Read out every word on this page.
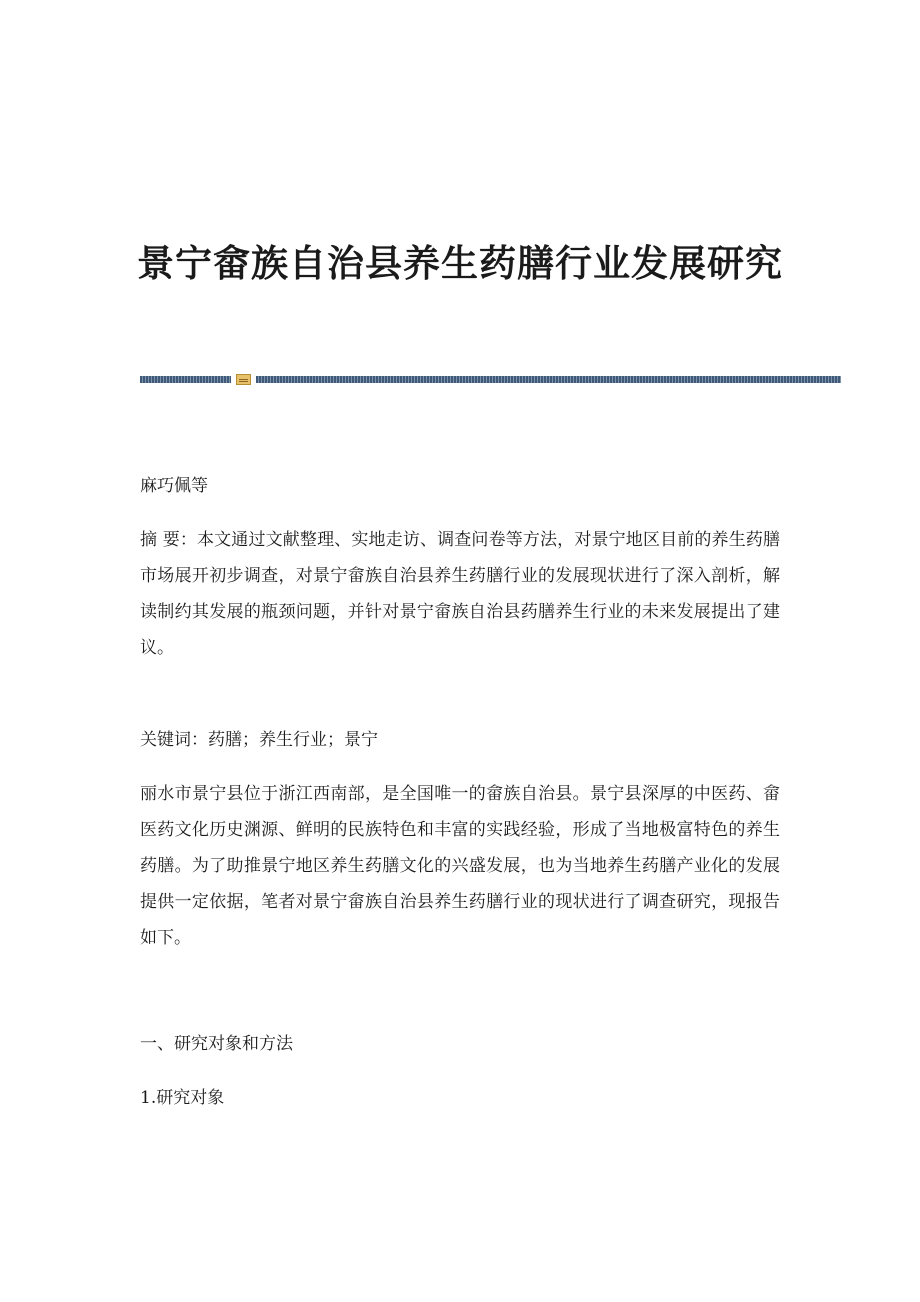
景宁畲族自治县养生药膳行业发展研究

麻巧佩等

摘 要：本文通过文献整理、实地走访、调查问卷等方法，对景宁地区目前的养生药膳市场展开初步调查，对景宁畲族自治县养生药膳行业的发展现状进行了深入剖析，解读制约其发展的瓶颈问题，并针对景宁畲族自治县药膳养生行业的未来发展提出了建议。

关键词：药膳；养生行业；景宁

丽水市景宁县位于浙江西南部，是全国唯一的畲族自治县。景宁县深厚的中医药、畲医药文化历史渊源、鲜明的民族特色和丰富的实践经验，形成了当地极富特色的养生药膳。为了助推景宁地区养生药膳文化的兴盛发展，也为当地养生药膳产业化的发展提供一定依据，笔者对景宁畲族自治县养生药膳行业的现状进行了调查研究，现报告如下。

一、研究对象和方法

1.研究对象
